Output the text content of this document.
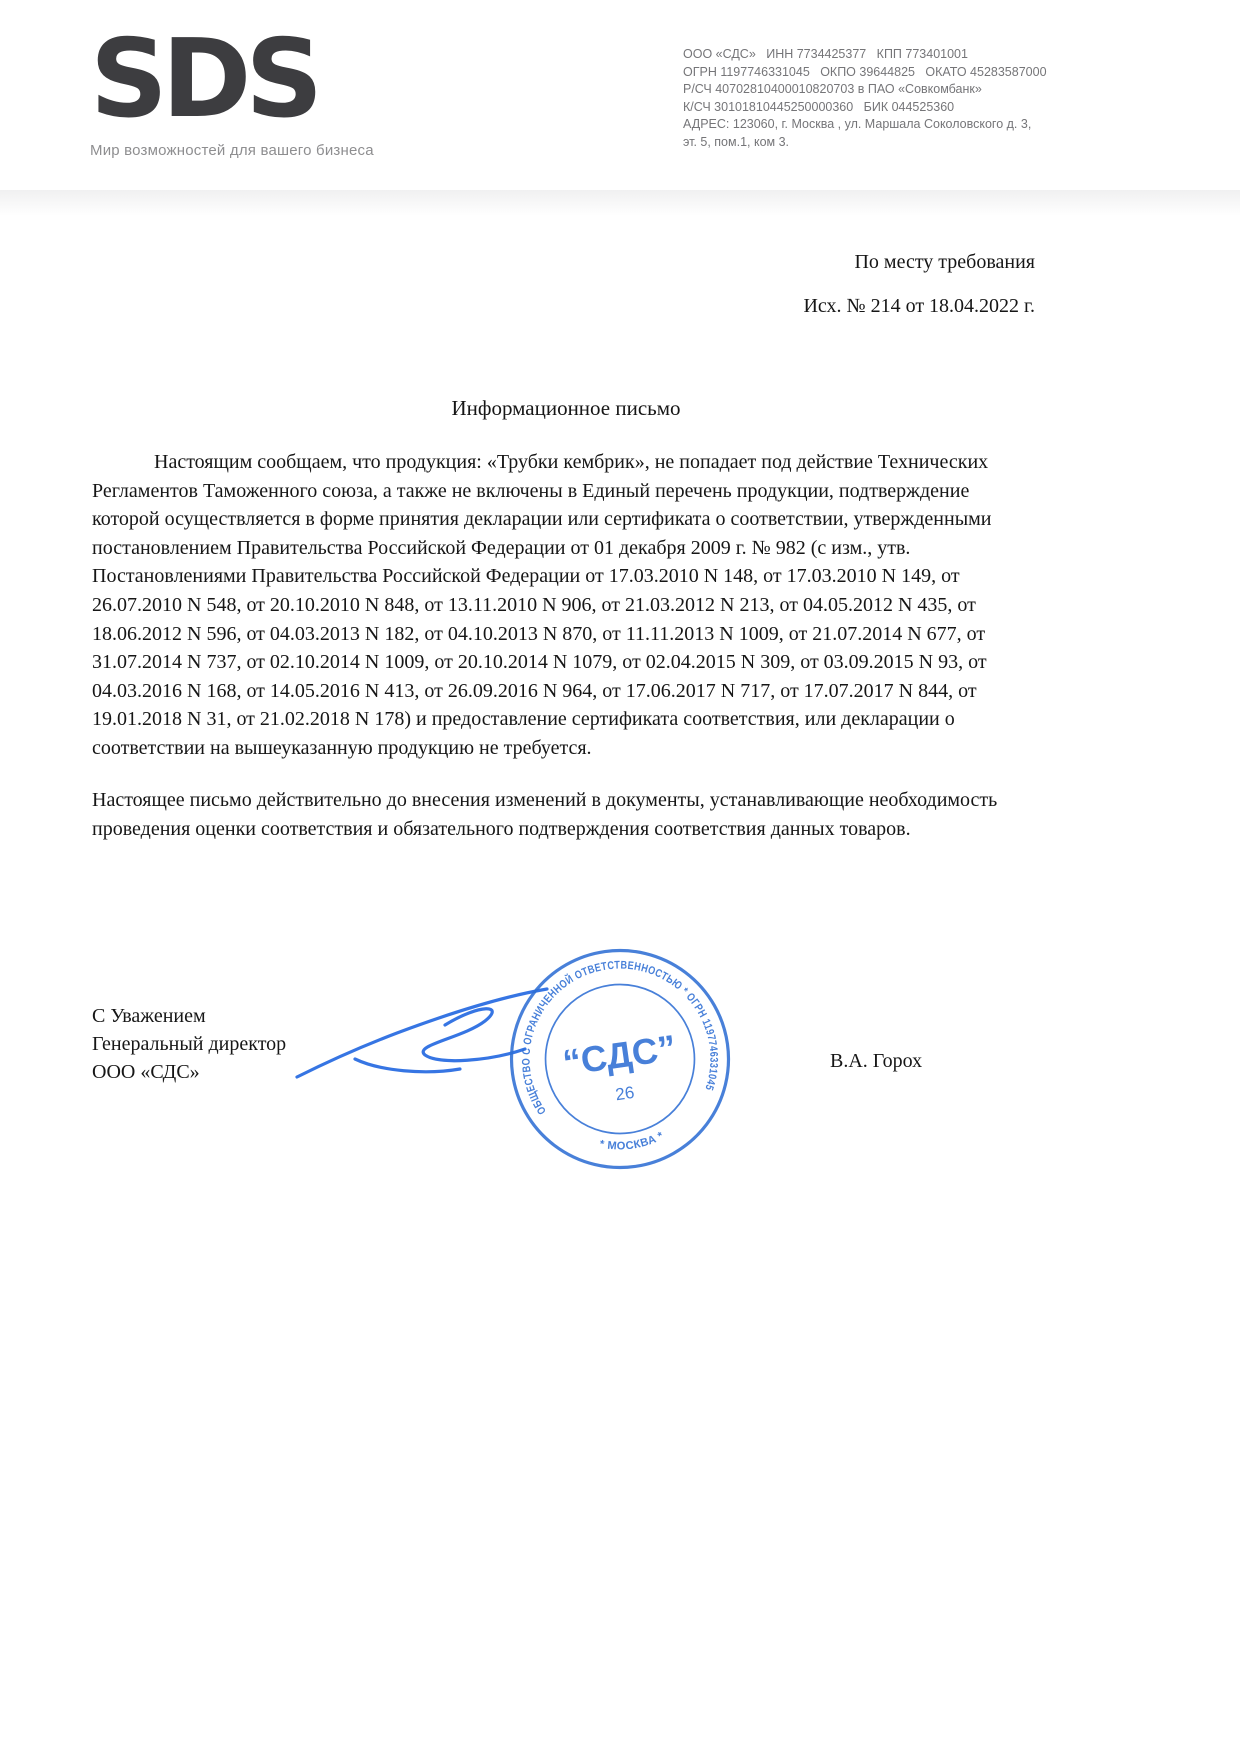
SDS
Мир возможностей для вашего бизнеса
ООО «СДС»   ИНН 7734425377   КПП 773401001
ОГРН 1197746331045   ОКПО 39644825   ОКАТО 45283587000
Р/СЧ 40702810400010820703 в ПАО «Совкомбанк»
К/СЧ 30101810445250000360   БИК 044525360
АДРЕС: 123060, г. Москва , ул. Маршала Соколовского д. 3,
эт. 5, пом.1, ком 3.
По месту требования
Исх. № 214 от 18.04.2022 г.
Информационное письмо

Настоящим сообщаем, что продукция: «Трубки кембрик», не попадает под действие Технических Регламентов Таможенного союза, а также не включены в Единый перечень продукции, подтверждение которой осуществляется в форме принятия декларации или сертификата о соответствии, утвержденными постановлением Правительства Российской Федерации от 01 декабря 2009 г. № 982 (с изм., утв. Постановлениями Правительства Российской Федерации от 17.03.2010 N 148, от 17.03.2010 N 149, от 26.07.2010 N 548, от 20.10.2010 N 848, от 13.11.2010 N 906, от 21.03.2012 N 213, от 04.05.2012 N 435, от 18.06.2012 N 596, от 04.03.2013 N 182, от 04.10.2013 N 870, от 11.11.2013 N 1009, от 21.07.2014 N 677, от 31.07.2014 N 737, от 02.10.2014 N 1009, от 20.10.2014 N 1079, от 02.04.2015 N 309, от 03.09.2015 N 93, от 04.03.2016 N 168, от 14.05.2016 N 413, от 26.09.2016 N 964, от 17.06.2017 N 717, от 17.07.2017 N 844, от 19.01.2018 N 31, от 21.02.2018 N 178) и предоставление сертификата соответствия, или декларации о соответствии на вышеуказанную продукцию не требуется.

Настоящее письмо действительно до внесения изменений в документы, устанавливающие необходимость проведения оценки соответствия и обязательного подтверждения соответствия данных товаров.

С Уважением
Генеральный директор
ООО «СДС»
ОБЩЕСТВО С ОГРАНИЧЕННОЙ ОТВЕТСТВЕННОСТЬЮ * ОГРН 1197746331045
* МОСКВА *
“СДС”
26
В.А. Горох
